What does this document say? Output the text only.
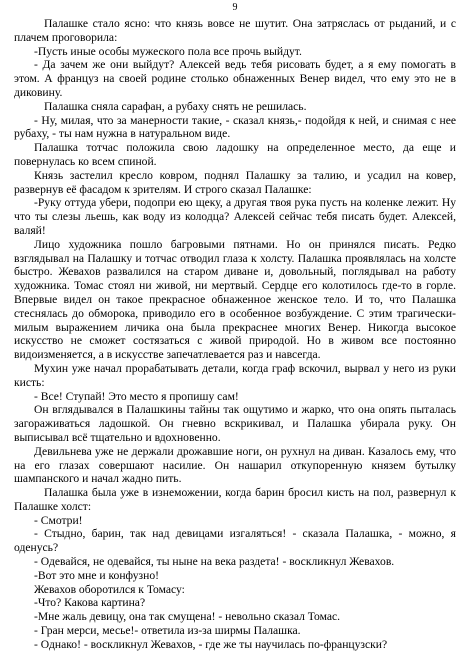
9

Палашке стало ясно: что князь вовсе не шутит. Она затряслась от рыданий, и с плачем проговорила:

-Пусть иные особы мужеского пола все прочь выйдут.

- Да зачем же они выйдут? Алексей ведь тебя рисовать будет, а я ему помогать в этом. А француз на своей родине столько обнаженных Венер видел, что ему это не в диковину.

Палашка сняла сарафан, а рубаху снять не решилась.

- Ну, милая, что за манерности такие, - сказал князь,- подойдя к ней, и снимая с нее рубаху, - ты нам нужна в натуральном виде.

Палашка тотчас положила свою ладошку на определенное место, да еще и повернулась ко всем спиной.

Князь застелил кресло ковром, поднял Палашку за талию, и усадил на ковер, развернув её фасадом к зрителям. И строго сказал Палашке:

-Руку оттуда убери, подопри ею щеку, а другая твоя рука пусть на коленке лежит. Ну что ты слезы льешь, как воду из колодца? Алексей сейчас тебя писать будет. Алексей, валяй!

Лицо художника пошло багровыми пятнами. Но он принялся писать. Редко взглядывал на Палашку и тотчас отводил глаза к холсту. Палашка проявлялась на холсте быстро. Жевахов развалился на старом диване и, довольный, поглядывал на работу художника. Томас стоял ни живой, ни мертвый. Сердце его колотилось где-то в горле. Впервые видел он такое прекрасное обнаженное женское тело. И то, что Палашка стеснялась до обморока, приводило его в особенное возбуждение. С этим трагически-милым выражением личика она была прекраснее многих Венер. Никогда высокое искусство не сможет состязаться с живой природой. Но в живом все постоянно видоизменяется, а в искусстве запечатлевается раз и навсегда.

Мухин уже начал прорабатывать детали, когда граф вскочил, вырвал у него из руки кисть:

- Все! Ступай! Это место я пропишу сам!

Он вглядывался в Палашкины тайны так ощутимо и жарко, что она опять пыталась загораживаться ладошкой. Он гневно вскрикивал, и Палашка убирала руку. Он выписывал всё тщательно и вдохновенно.

Девильнева уже не держали дрожавшие ноги, он рухнул на диван. Казалось ему, что на его глазах совершают насилие. Он нашарил откупоренную князем бутылку шампанского и начал жадно пить.

Палашка была уже в изнеможении, когда барин бросил кисть на пол, развернул к Палашке холст:

- Смотри!

- Стыдно, барин, так над девицами изгаляться! - сказала Палашка, - можно, я оденусь?

- Одевайся, не одевайся, ты ныне на века раздета! - воскликнул Жевахов.

-Вот это мне и конфузно!

Жевахов оборотился к Томасу:

-Что? Какова картина?

-Мне жаль девицу, она так смущена! - невольно сказал Томас.

- Гран мерси, месье!- ответила из-за ширмы Палашка.

- Однако! - воскликнул Жевахов, - где же ты научилась по-французски?
